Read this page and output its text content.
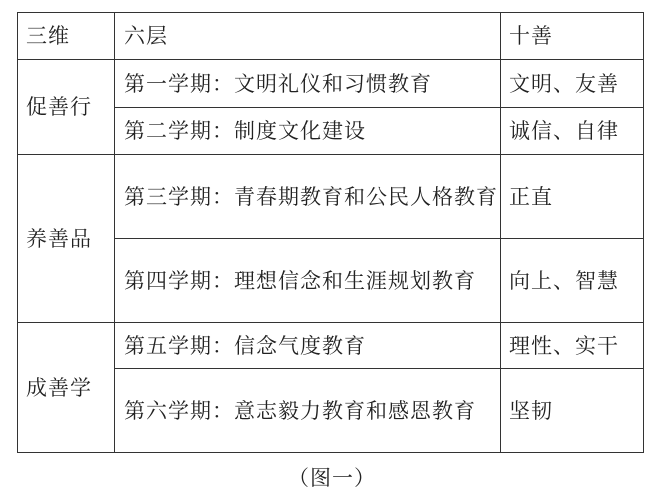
三维	六层	十善
促善行	第一学期：文明礼仪和习惯教育	文明、友善
	第二学期：制度文化建设	诚信、自律
养善品	第三学期：青春期教育和公民人格教育	正直
	第四学期：理想信念和生涯规划教育	向上、智慧
成善学	第五学期：信念气度教育	理性、实干
	第六学期：意志毅力教育和感恩教育	坚韧
（图一）
